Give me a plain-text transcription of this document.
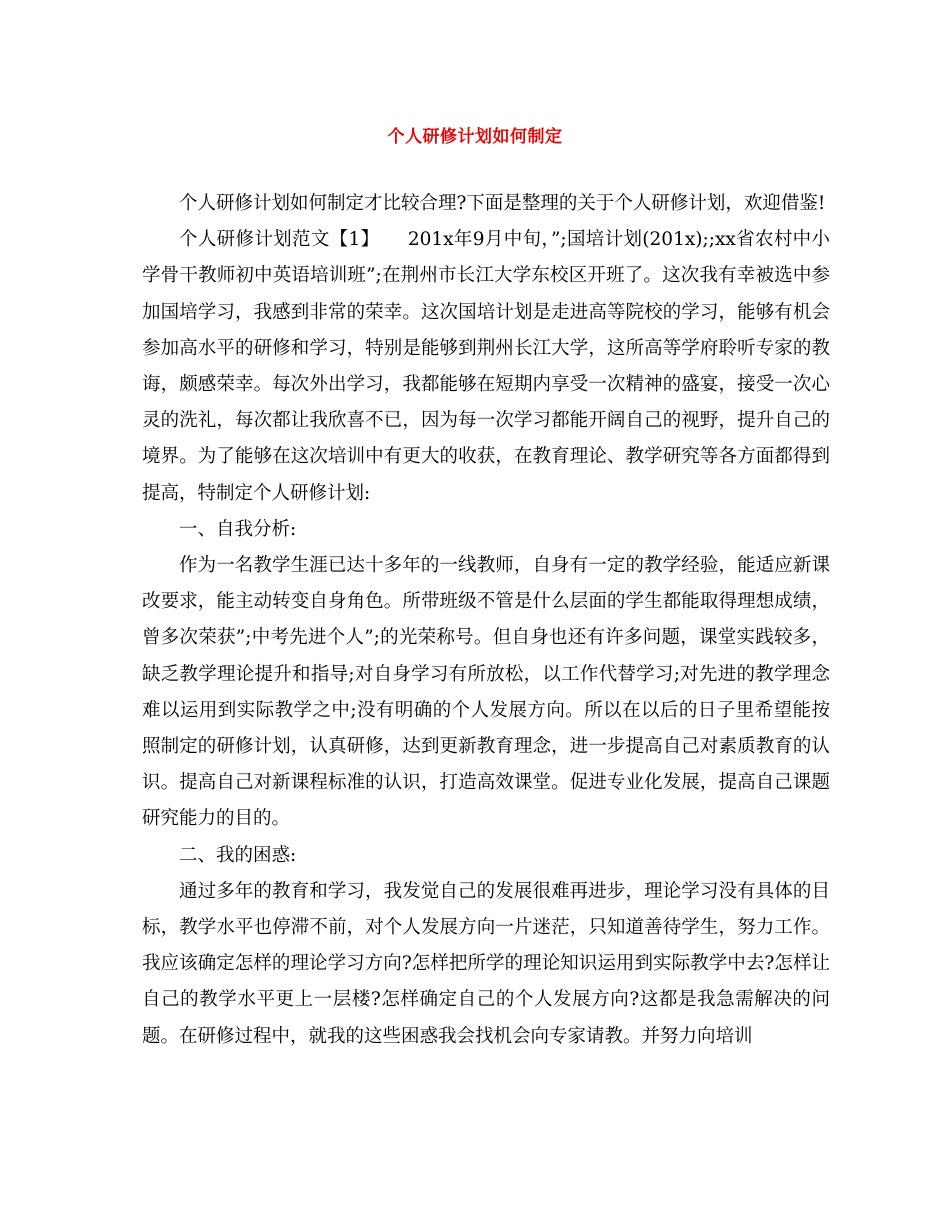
个人研修计划如何制定

个人研修计划如何制定才比较合理?下面是整理的关于个人研修计划，欢迎借鉴!

个人研修计划范文【1】　　201x年9月中旬，”;国培计划(201x);;xx省农村中小学骨干教师初中英语培训班”;在荆州市长江大学东校区开班了。这次我有幸被选中参加国培学习，我感到非常的荣幸。这次国培计划是走进高等院校的学习，能够有机会参加高水平的研修和学习，特别是能够到荆州长江大学，这所高等学府聆听专家的教诲，颇感荣幸。每次外出学习，我都能够在短期内享受一次精神的盛宴，接受一次心灵的洗礼，每次都让我欣喜不已，因为每一次学习都能开阔自己的视野，提升自己的境界。为了能够在这次培训中有更大的收获，在教育理论、教学研究等各方面都得到提高，特制定个人研修计划:

一、自我分析:

作为一名教学生涯已达十多年的一线教师，自身有一定的教学经验，能适应新课改要求，能主动转变自身角色。所带班级不管是什么层面的学生都能取得理想成绩，曾多次荣获”;中考先进个人”;的光荣称号。但自身也还有许多问题，课堂实践较多，缺乏教学理论提升和指导;对自身学习有所放松，以工作代替学习;对先进的教学理念难以运用到实际教学之中;没有明确的个人发展方向。所以在以后的日子里希望能按照制定的研修计划，认真研修，达到更新教育理念，进一步提高自己对素质教育的认识。提高自己对新课程标准的认识，打造高效课堂。促进专业化发展，提高自己课题研究能力的目的。

二、我的困惑:

通过多年的教育和学习，我发觉自己的发展很难再进步，理论学习没有具体的目标，教学水平也停滞不前，对个人发展方向一片迷茫，只知道善待学生，努力工作。我应该确定怎样的理论学习方向?怎样把所学的理论知识运用到实际教学中去?怎样让自己的教学水平更上一层楼?怎样确定自己的个人发展方向?这都是我急需解决的问题。在研修过程中，就我的这些困惑我会找机会向专家请教。并努力向培训
